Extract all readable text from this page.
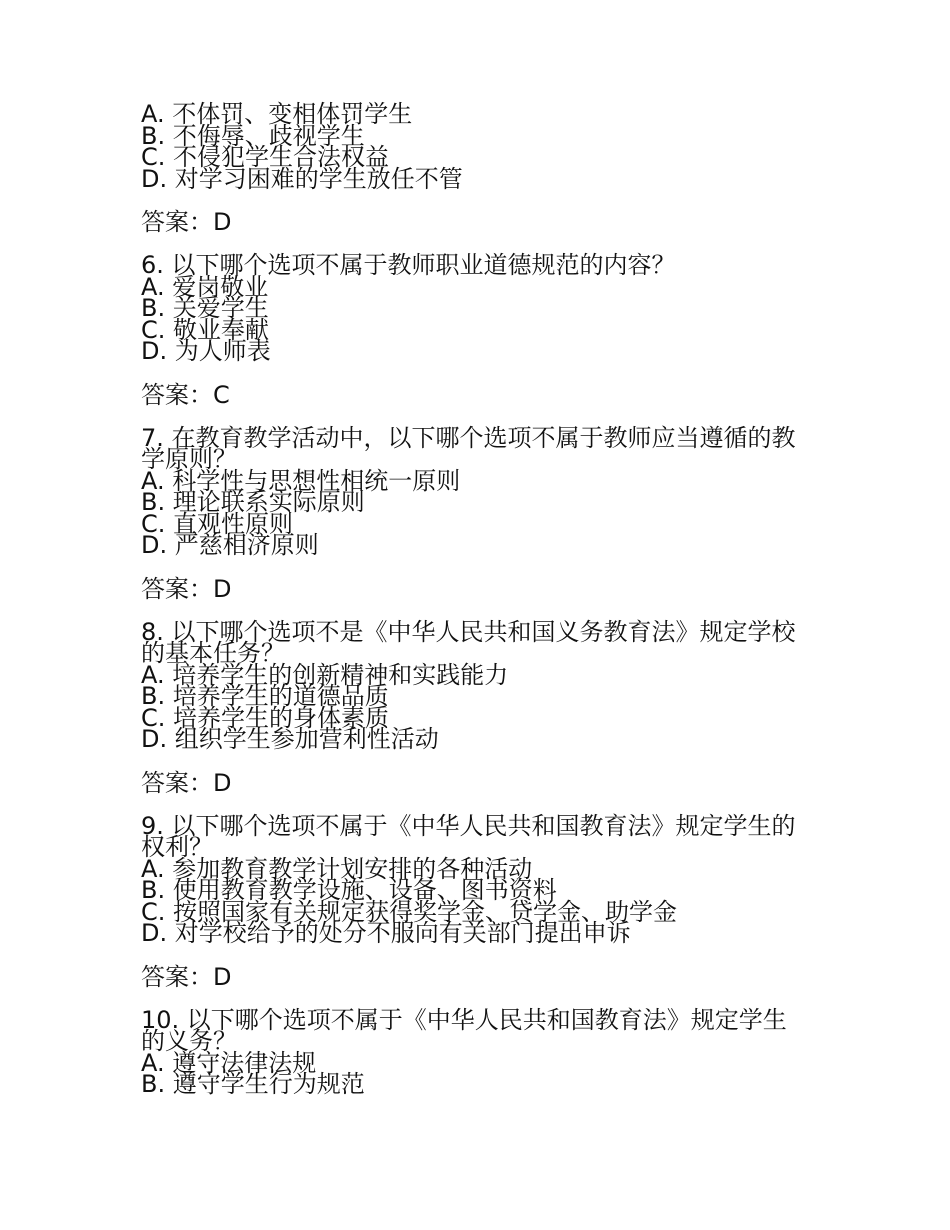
A. 不体罚、变相体罚学生
B. 不侮辱、歧视学生
C. 不侵犯学生合法权益
D. 对学习困难的学生放任不管
答案：D
6. 以下哪个选项不属于教师职业道德规范的内容？
A. 爱岗敬业
B. 关爱学生
C. 敬业奉献
D. 为人师表
答案：C
7. 在教育教学活动中，以下哪个选项不属于教师应当遵循的教学原则？
A. 科学性与思想性相统一原则
B. 理论联系实际原则
C. 直观性原则
D. 严慈相济原则
答案：D
8. 以下哪个选项不是《中华人民共和国义务教育法》规定学校的基本任务？
A. 培养学生的创新精神和实践能力
B. 培养学生的道德品质
C. 培养学生的身体素质
D. 组织学生参加营利性活动
答案：D
9. 以下哪个选项不属于《中华人民共和国教育法》规定学生的权利？
A. 参加教育教学计划安排的各种活动
B. 使用教育教学设施、设备、图书资料
C. 按照国家有关规定获得奖学金、贷学金、助学金
D. 对学校给予的处分不服向有关部门提出申诉
答案：D
10. 以下哪个选项不属于《中华人民共和国教育法》规定学生的义务？
A. 遵守法律法规
B. 遵守学生行为规范
